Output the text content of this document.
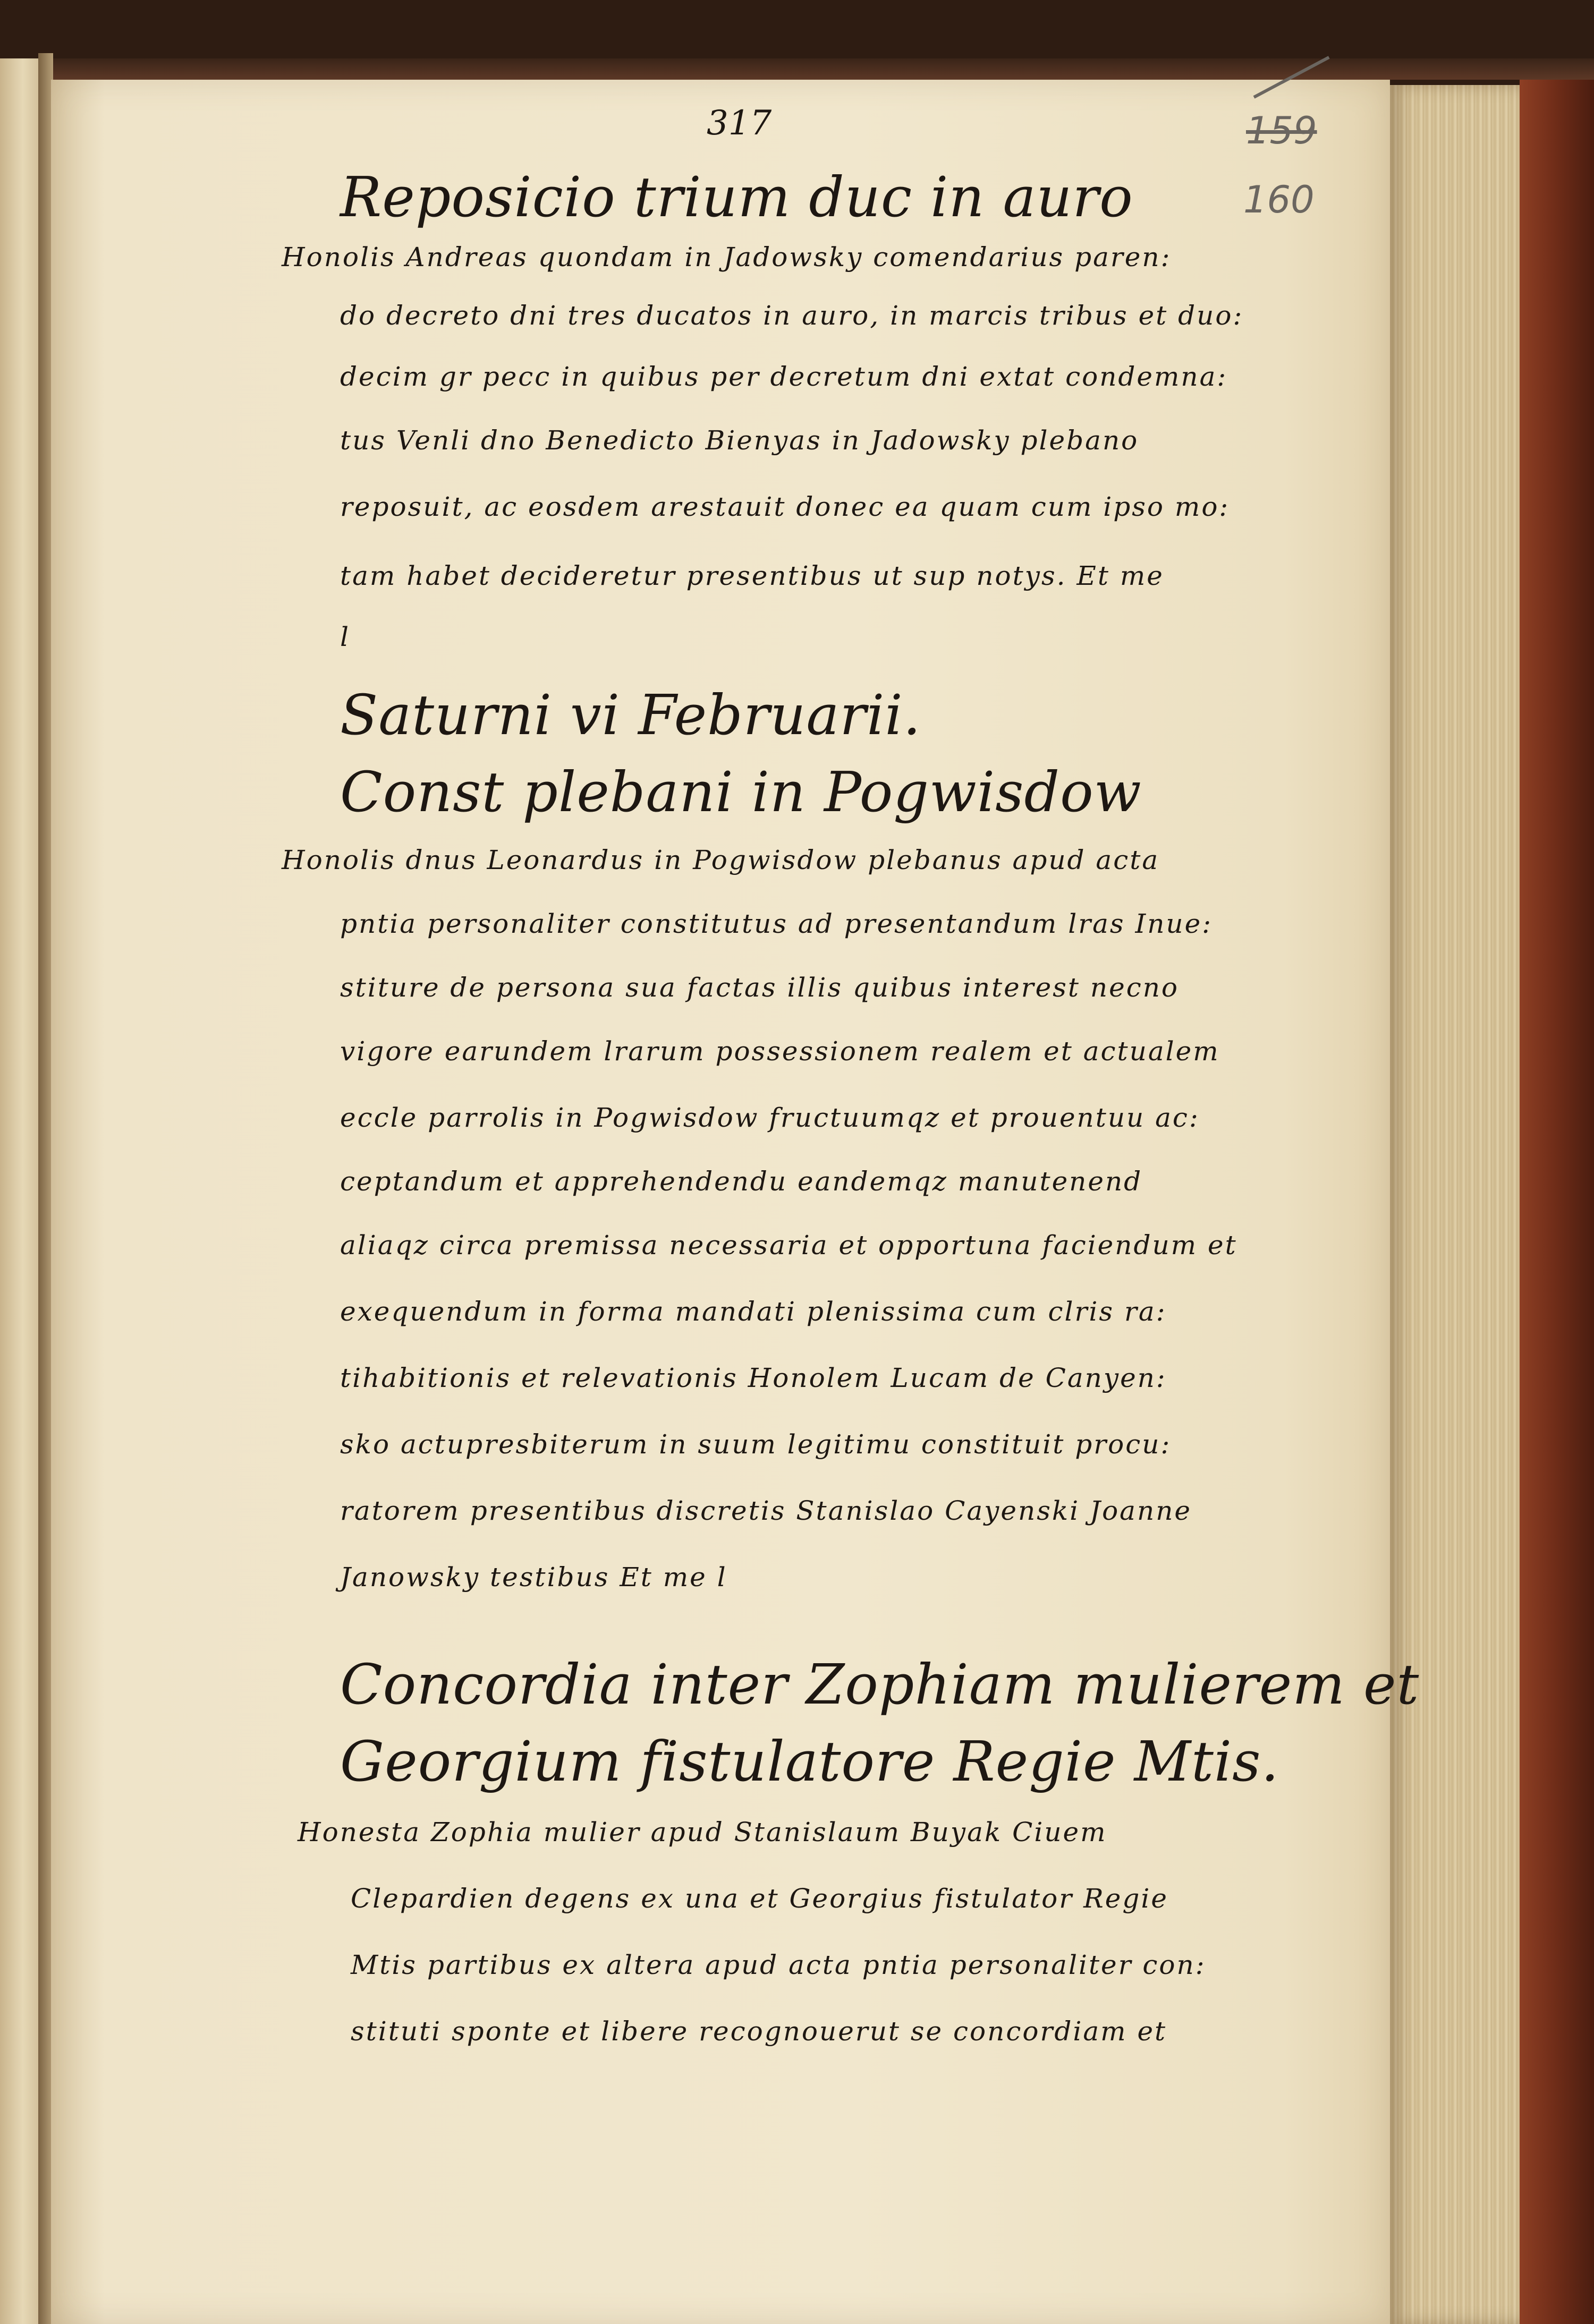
317	159
160
Reposicio trium duc in auro
Honolis Andreas quondam in Jadowsky comendarius paren:
do decreto dni tres ducatos in auro, in marcis tribus et duo:
decim gr pecc in quibus per decretum dni extat condemna:
tus Venli dno Benedicto Bienyas in Jadowsky plebano
reposuit, ac eosdem arestauit donec ea quam cum ipso mo:
tam habet decideretur presentibus ut sup notys. Et me
l
Saturni vi Februarii.
Const plebani in Pogwisdow
Honolis dnus Leonardus in Pogwisdow plebanus apud acta
pntia personaliter constitutus ad presentandum lras Inue:
stiture de persona sua factas illis quibus interest necno
vigore earundem lrarum possessionem realem et actualem
eccle parrolis in Pogwisdow fructuumqz et prouentuu ac:
ceptandum et apprehendendu eandemqz manutenend
aliaqz circa premissa necessaria et opportuna faciendum et
exequendum in forma mandati plenissima cum clris ra:
tihabitionis et relevationis Honolem Lucam de Canyen:
sko actupresbiterum in suum legitimu constituit procu:
ratorem presentibus discretis Stanislao Cayenski Joanne
Janowsky testibus Et me l
Concordia inter Zophiam mulierem et
Georgium fistulatore Regie Mtis.
Honesta Zophia mulier apud Stanislaum Buyak Ciuem
Clepardien degens ex una et Georgius fistulator Regie
Mtis partibus ex altera apud acta pntia personaliter con:
stituti sponte et libere recognouerut se concordiam et
